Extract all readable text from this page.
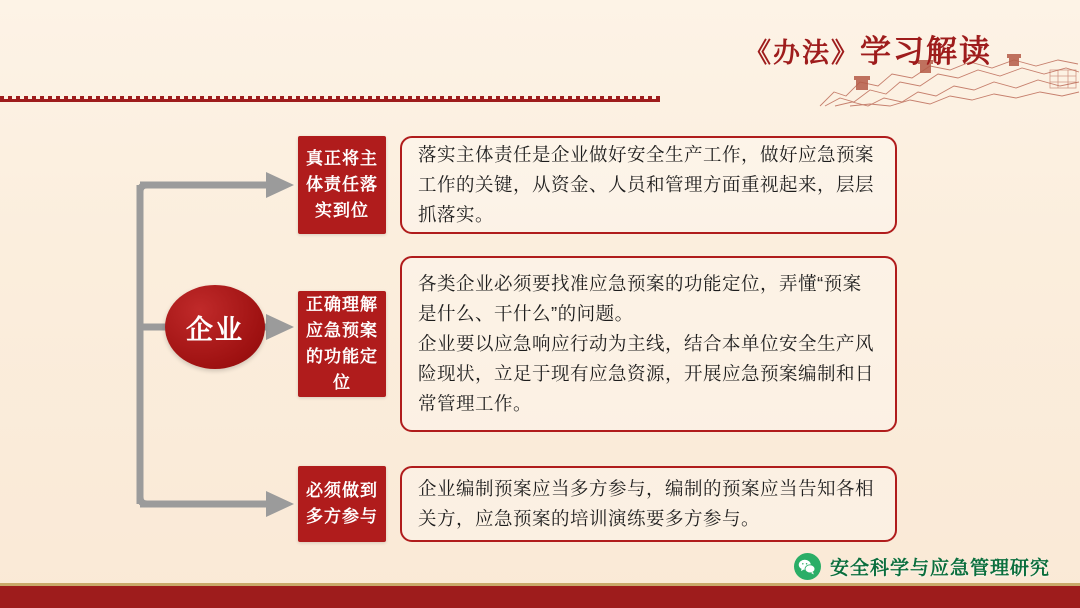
《办法》学习解读
企业
真正将主体责任落实到位

落实主体责任是企业做好安全生产工作，做好应急预案工作的关键，从资金、人员和管理方面重视起来，层层抓落实。

正确理解应急预案的功能定位

各类企业必须要找准应急预案的功能定位，弄懂“预案是什么、干什么”的问题。

企业要以应急响应行动为主线，结合本单位安全生产风险现状，立足于现有应急资源，开展应急预案编制和日常管理工作。

必须做到多方参与

企业编制预案应当多方参与，编制的预案应当告知各相关方，应急预案的培训演练要多方参与。

安全科学与应急管理研究
